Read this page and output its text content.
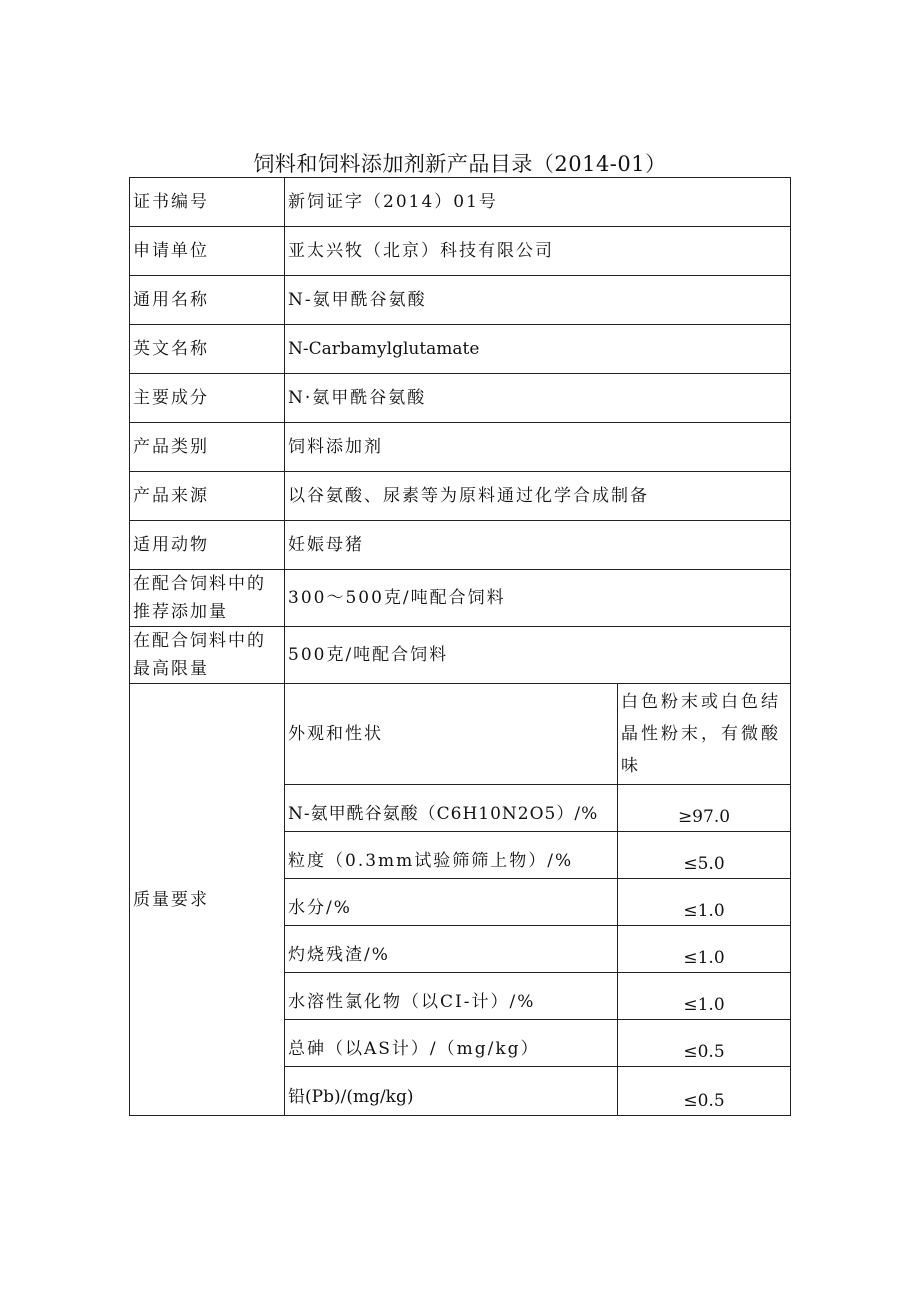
饲料和饲料添加剂新产品目录（2014-01）
证书编号	新饲证字（2014）01号	
申请单位	亚太兴牧（北京）科技有限公司	
通用名称	N-氨甲酰谷氨酸	
英文名称	N-Carbamylglutamate	
主要成分	N·氨甲酰谷氨酸	
产品类别	饲料添加剂	
产品来源	以谷氨酸、尿素等为原料通过化学合成制备	
适用动物	妊娠母猪	

在配合饲料中的
推荐添加量	300～500克/吨配合饲料	

在配合饲料中的
最高限量	500克/吨配合饲料	
质量要求	外观和性状	白色粉末或白色结晶性粉末，有微酸味
	N-氨甲酰谷氨酸（C6H10N2O5）/%	≥97.0
	粒度（0.3mm试验筛筛上物）/%	≤5.0
	水分/%	≤1.0
	灼烧残渣/%	≤1.0
	水溶性氯化物（以CI-计）/%	≤1.0
	总砷（以AS计）/（mg/kg）	≤0.5
	铅(Pb)/(mg/kg)	≤0.5
